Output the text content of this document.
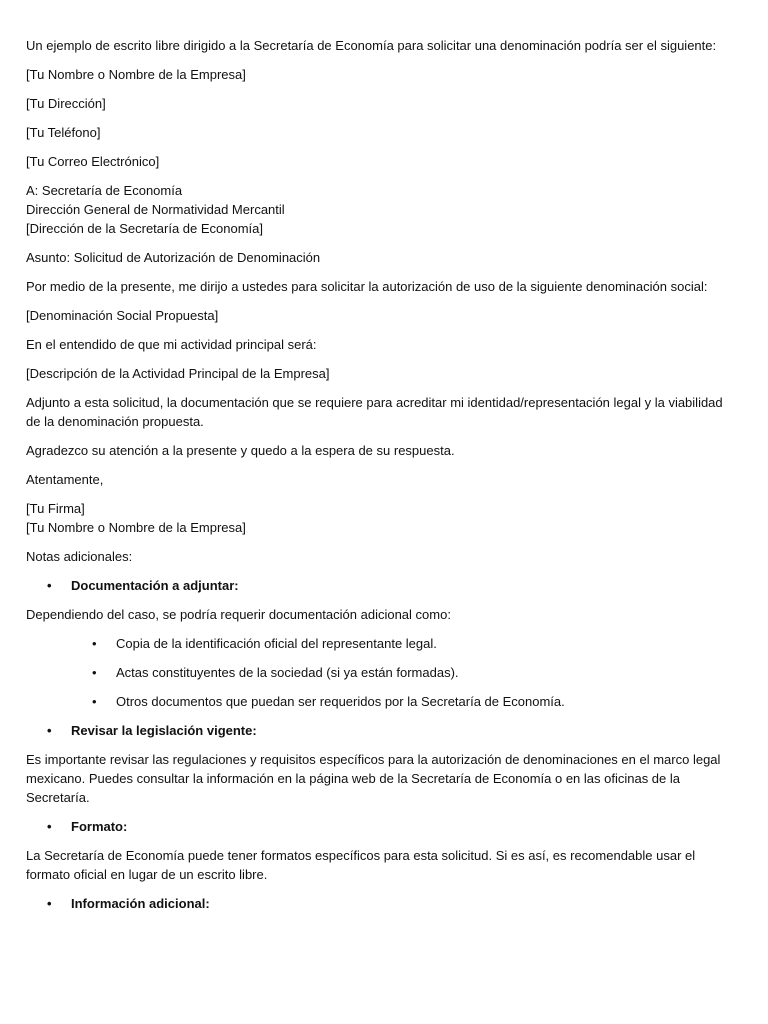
Un ejemplo de escrito libre dirigido a la Secretaría de Economía para solicitar una denominación podría ser el siguiente:

[Tu Nombre o Nombre de la Empresa]

[Tu Dirección]

[Tu Teléfono]

[Tu Correo Electrónico]

A: Secretaría de Economía
Dirección General de Normatividad Mercantil
[Dirección de la Secretaría de Economía]

Asunto: Solicitud de Autorización de Denominación

Por medio de la presente, me dirijo a ustedes para solicitar la autorización de uso de la siguiente denominación social:

[Denominación Social Propuesta]

En el entendido de que mi actividad principal será:

[Descripción de la Actividad Principal de la Empresa]

Adjunto a esta solicitud, la documentación que se requiere para acreditar mi identidad/representación legal y la viabilidad de la denominación propuesta.

Agradezco su atención a la presente y quedo a la espera de su respuesta.

Atentamente,

[Tu Firma]
[Tu Nombre o Nombre de la Empresa]

Notas adicionales:

• Documentación a adjuntar:

Dependiendo del caso, se podría requerir documentación adicional como:

• Copia de la identificación oficial del representante legal.
• Actas constituyentes de la sociedad (si ya están formadas).
• Otros documentos que puedan ser requeridos por la Secretaría de Economía.
• Revisar la legislación vigente:

Es importante revisar las regulaciones y requisitos específicos para la autorización de denominaciones en el marco legal mexicano. Puedes consultar la información en la página web de la Secretaría de Economía o en las oficinas de la Secretaría.

• Formato:

La Secretaría de Economía puede tener formatos específicos para esta solicitud. Si es así, es recomendable usar el formato oficial en lugar de un escrito libre.

• Información adicional:
